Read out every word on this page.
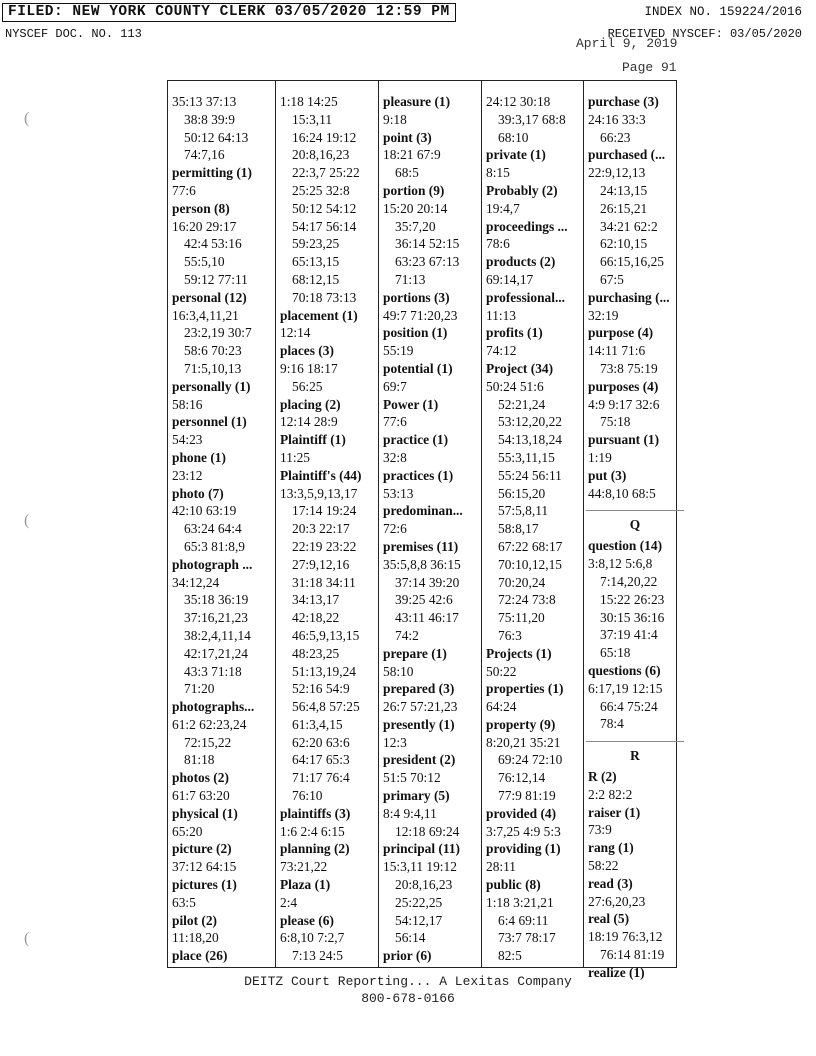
FILED: NEW YORK COUNTY CLERK 03/05/2020 12:59 PM	INDEX NO. 159224/2016
NYSCEF DOC. NO. 113	RECEIVED NYSCEF: 03/05/2020
April 9, 2019
Page 91
(
(
(
35:13 37:13
38:8 39:9
50:12 64:13
74:7,16
permitting (1)
77:6
person (8)
16:20 29:17
42:4 53:16
55:5,10
59:12 77:11
personal (12)
16:3,4,11,21
23:2,19 30:7
58:6 70:23
71:5,10,13
personally (1)
58:16
personnel (1)
54:23
phone (1)
23:12
photo (7)
42:10 63:19
63:24 64:4
65:3 81:8,9
photograph ...
34:12,24
35:18 36:19
37:16,21,23
38:2,4,11,14
42:17,21,24
43:3 71:18
71:20
photographs...
61:2 62:23,24
72:15,22
81:18
photos (2)
61:7 63:20
physical (1)
65:20
picture (2)
37:12 64:15
pictures (1)
63:5
pilot (2)
11:18,20
place (26)
1:18 14:25
15:3,11
16:24 19:12
20:8,16,23
22:3,7 25:22
25:25 32:8
50:12 54:12
54:17 56:14
59:23,25
65:13,15
68:12,15
70:18 73:13
placement (1)
12:14
places (3)
9:16 18:17
56:25
placing (2)
12:14 28:9
Plaintiff (1)
11:25
Plaintiff's (44)
13:3,5,9,13,17
17:14 19:24
20:3 22:17
22:19 23:22
27:9,12,16
31:18 34:11
34:13,17
42:18,22
46:5,9,13,15
48:23,25
51:13,19,24
52:16 54:9
56:4,8 57:25
61:3,4,15
62:20 63:6
64:17 65:3
71:17 76:4
76:10
plaintiffs (3)
1:6 2:4 6:15
planning (2)
73:21,22
Plaza (1)
2:4
please (6)
6:8,10 7:2,7
7:13 24:5
pleasure (1)
9:18
point (3)
18:21 67:9
68:5
portion (9)
15:20 20:14
35:7,20
36:14 52:15
63:23 67:13
71:13
portions (3)
49:7 71:20,23
position (1)
55:19
potential (1)
69:7
Power (1)
77:6
practice (1)
32:8
practices (1)
53:13
predominan...
72:6
premises (11)
35:5,8,8 36:15
37:14 39:20
39:25 42:6
43:11 46:17
74:2
prepare (1)
58:10
prepared (3)
26:7 57:21,23
presently (1)
12:3
president (2)
51:5 70:12
primary (5)
8:4 9:4,11
12:18 69:24
principal (11)
15:3,11 19:12
20:8,16,23
25:22,25
54:12,17
56:14
prior (6)
24:12 30:18
39:3,17 68:8
68:10
private (1)
8:15
Probably (2)
19:4,7
proceedings ...
78:6
products (2)
69:14,17
professional...
11:13
profits (1)
74:12
Project (34)
50:24 51:6
52:21,24
53:12,20,22
54:13,18,24
55:3,11,15
55:24 56:11
56:15,20
57:5,8,11
58:8,17
67:22 68:17
70:10,12,15
70:20,24
72:24 73:8
75:11,20
76:3
Projects (1)
50:22
properties (1)
64:24
property (9)
8:20,21 35:21
69:24 72:10
76:12,14
77:9 81:19
provided (4)
3:7,25 4:9 5:3
providing (1)
28:11
public (8)
1:18 3:21,21
6:4 69:11
73:7 78:17
82:5
purchase (3)
24:16 33:3
66:23
purchased (...
22:9,12,13
24:13,15
26:15,21
34:21 62:2
62:10,15
66:15,16,25
67:5
purchasing (...
32:19
purpose (4)
14:11 71:6
73:8 75:19
purposes (4)
4:9 9:17 32:6
75:18
pursuant (1)
1:19
put (3)
44:8,10 68:5
Q
question (14)
3:8,12 5:6,8
7:14,20,22
15:22 26:23
30:15 36:16
37:19 41:4
65:18
questions (6)
6:17,19 12:15
66:4 75:24
78:4
R
R (2)
2:2 82:2
raiser (1)
73:9
rang (1)
58:22
read (3)
27:6,20,23
real (5)
18:19 76:3,12
76:14 81:19
realize (1)
DEITZ Court Reporting... A Lexitas Company
800-678-0166
